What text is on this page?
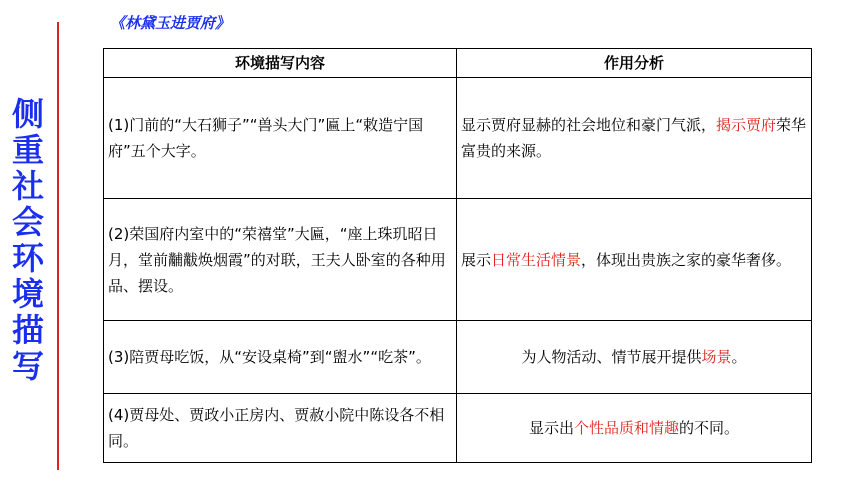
侧
重
社
会
环
境
描
写
《林黛玉进贾府》
环境描写内容	作用分析
(1)门前的“大石狮子”“兽头大门”匾上“敕造宁国府”五个大字。	显示贾府显赫的社会地位和豪门气派，揭示贾府荣华富贵的来源。
(2)荣国府内室中的“荣禧堂”大匾，“座上珠玑昭日月，堂前黼黻焕烟霞”的对联，王夫人卧室的各种用品、摆设。	展示日常生活情景，体现出贵族之家的豪华奢侈。
(3)陪贾母吃饭，从“安设桌椅”到“盥水”“吃茶”。	为人物活动、情节展开提供场景。
(4)贾母处、贾政小正房内、贾赦小院中陈设各不相同。	显示出个性品质和情趣的不同。
